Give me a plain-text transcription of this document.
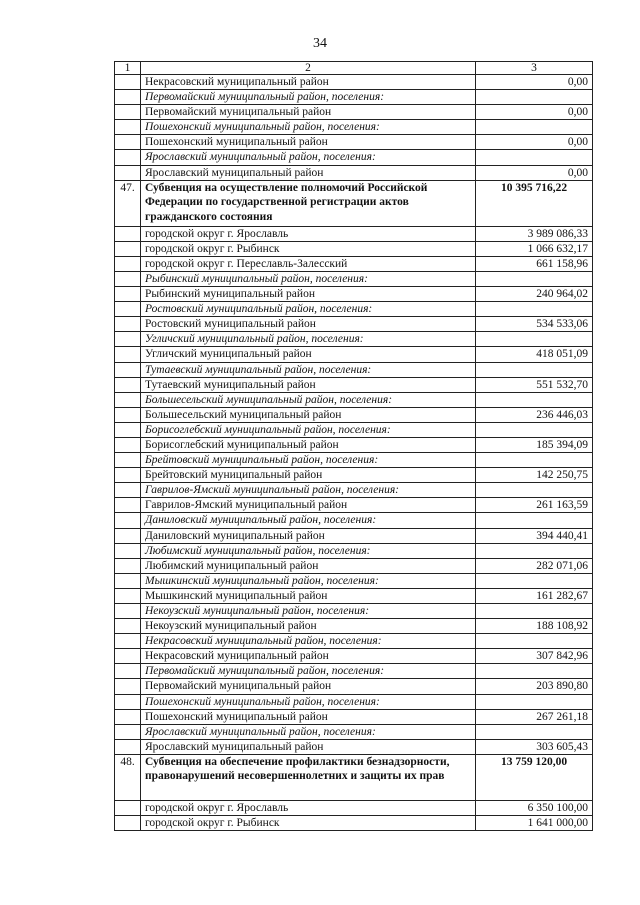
34
1	2	3
	Некрасовский муниципальный район	0,00
	Первомайский муниципальный район, поселения:	
	Первомайский муниципальный район	0,00
	Пошехонский муниципальный район, поселения:	
	Пошехонский муниципальный район	0,00
	Ярославский муниципальный район, поселения:	
	Ярославский муниципальный район	0,00
47.	Субвенция на осуществление полномочий Российской Федерации по государственной регистрации актов гражданского состояния	10 395 716,22
	городской округ г. Ярославль	3 989 086,33
	городской округ г. Рыбинск	1 066 632,17
	городской округ г. Переславль-Залесский	661 158,96
	Рыбинский муниципальный район, поселения:	
	Рыбинский муниципальный район	240 964,02
	Ростовский муниципальный район, поселения:	
	Ростовский муниципальный район	534 533,06
	Угличский муниципальный район, поселения:	
	Угличский муниципальный район	418 051,09
	Тутаевский муниципальный район, поселения:	
	Тутаевский муниципальный район	551 532,70
	Большесельский муниципальный район, поселения:	
	Большесельский муниципальный район	236 446,03
	Борисоглебский муниципальный район, поселения:	
	Борисоглебский муниципальный район	185 394,09
	Брейтовский муниципальный район, поселения:	
	Брейтовский муниципальный район	142 250,75
	Гаврилов-Ямский муниципальный район, поселения:	
	Гаврилов-Ямский муниципальный район	261 163,59
	Даниловский муниципальный район, поселения:	
	Даниловский муниципальный район	394 440,41
	Любимский муниципальный район, поселения:	
	Любимский муниципальный район	282 071,06
	Мышкинский муниципальный район, поселения:	
	Мышкинский муниципальный район	161 282,67
	Некоузский муниципальный район, поселения:	
	Некоузский муниципальный район	188 108,92
	Некрасовский муниципальный район, поселения:	
	Некрасовский муниципальный район	307 842,96
	Первомайский муниципальный район, поселения:	
	Первомайский муниципальный район	203 890,80
	Пошехонский муниципальный район, поселения:	
	Пошехонский муниципальный район	267 261,18
	Ярославский муниципальный район, поселения:	
	Ярославский муниципальный район	303 605,43
48.	Субвенция на обеспечение профилактики безнадзорности, правонарушений несовершеннолетних и защиты их прав	13 759 120,00
	городской округ г. Ярославль	6 350 100,00
	городской округ г. Рыбинск	1 641 000,00
